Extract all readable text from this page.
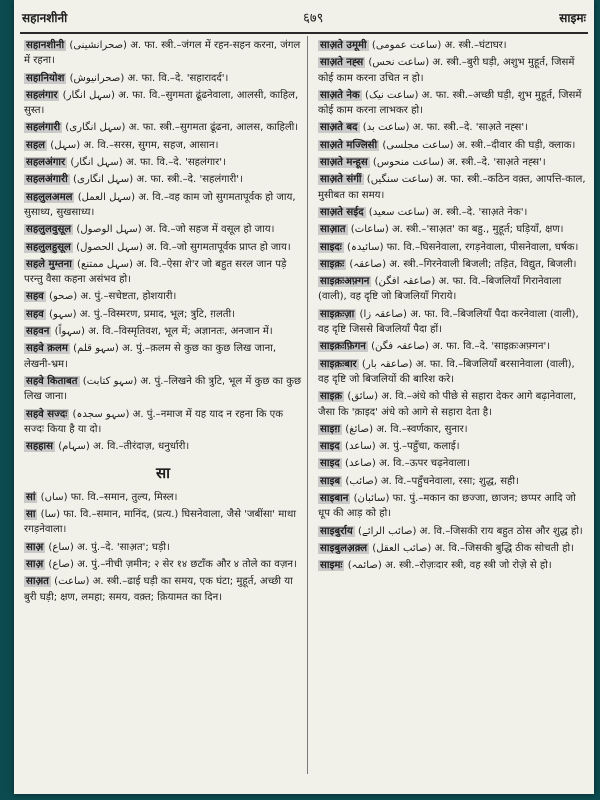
सहानशीनी	६७९	साइमः
सहानशीनी (صحرانشینی) अ. फा. स्त्री.–जंगल में रहन-सहन करना, जंगल में रहना।
सहानियोश (صحرانیوش) अ. फा. वि.–दे. 'सहारादर्द'।
सहलंगार (سہل انگار) अ. फा. वि.–सुगमता ढूंढनेवाला, आलसी, काहिल, सुस्त।
सहलंगारी (سہل انگاری) अ. फा. स्त्री.–सुगमता ढूंढना, आलस, काहिली।
सहल (سہل) अ. वि.–सरस, सुगम, सहज, आसान।
सहलअंगार (سہل انگار) अ. फा. वि.–दे. 'सहलंगार'।
सहलअंगारी (سہل انگاری) अ. फा. स्त्री.–दे. 'सहलंगारी'।
सहलुलअमल (سہل العمل) अ. वि.–वह काम जो सुगमतापूर्वक हो जाय, सुसाध्य, सुखसाध्य।
सहलुलवुसूल (سہل الوصول) अ. वि.–जो सहज में वसूल हो जाय।
सहलुलहुसूल (سہل الحصول) अ. वि.–जो सुगमतापूर्वक प्राप्त हो जाय।
सहले मुम्तना (سہل ممتنع) अ. वि.–ऐसा शे'र जो बहुत सरल जान पड़े परन्तु वैसा कहना असंभव हो।
सहव (صحو) अ. पुं.–सचेष्टता, होशयारी।
सहव (سہو) अ. पुं.–विस्मरण, प्रमाद, भूल; त्रुटि, ग़लती।
सहवन (سہواً) अ. वि.–विस्मृतिवश, भूल में; अज्ञानतः, अनजान में।
सहवे क़लम (سہو قلم) अ. पुं.–क़लम से कुछ का कुछ लिख जाना, लेखनी-भ्रम।
सहवे किताबत (سہو کتابت) अ. पुं.–लिखने की त्रुटि, भूल में कुछ का कुछ लिख जाना।
सहवे सज्दः (سہو سجدہ) अ. पुं.–नमाज में यह याद न रहना कि एक सज्दः किया है या दो।
सहहास (سہام) अ. वि.–तीरंदाज़, धनुर्धारी।
सा
सां (ساں) फा. वि.–समान, तुल्य, मिस्ल।
सा (سا) फा. वि.–समान, मानिंद, (प्रत्य.) घिसनेवाला, जैसे 'जबींसा' माथा रगड़नेवाला।
साअ़ (ساع) अ. पुं.–दे. 'साअ़त'; घड़ी।
साअ़ (صاع) अ. पुं.–नीची ज़मीन; २ सेर १४ छटाँक और ४ तोले का वज़न।
साअ़त (ساعت) अ. स्त्री.–ढाई घड़ी का समय, एक घंटा; मुहूर्त, अच्छी या बुरी घड़ी; क्षण, लमहा; समय, वक़्त; क़ियामत का दिन।
साअ़ते उमूमी (ساعت عمومی) अ. स्त्री.–घंटाघर।
साअ़ते नह्स (ساعت نحس) अ. स्त्री.–बुरी घड़ी, अशुभ मुहूर्त, जिसमें कोई काम करना उचित न हो।
साअ़ते नेक (ساعت نیک) अ. फा. स्त्री.–अच्छी घड़ी, शुभ मुहूर्त, जिसमें कोई काम करना लाभकर हो।
साअ़ते बद (ساعت بد) अ. फा. स्त्री.–दे. 'साअ़ते नह्स'।
साअ़ते मज्लिसी (ساعت مجلسی) अ. स्त्री.–दीवार की घड़ी, क्लाक।
साअ़ते मन्हूस (ساعت منحوس) अ. स्त्री.–दे. 'साअ़ते नह्स'।
साअ़ते संगीं (ساعت سنگیں) अ. फा. स्त्री.–कठिन वक़्त, आपत्ति-काल, मुसीबत का समय।
साअ़ते सईद (ساعت سعید) अ. स्त्री.–दे. 'साअ़ते नेक'।
साआ़त (ساعات) अ. स्त्री.–'साअ़त' का बहु., मुहूर्त; घड़ियाँ, क्षण।
साइदः (سائیدہ) फा. वि.–घिसनेवाला, रगड़नेवाला, पीसनेवाला, घर्षक।
साइक़ः (صاعقہ) अ. स्त्री.–गिरनेवाली बिजली; तड़ित, विद्युत, बिजली।
साइक़ःअफ़्गन (صاعقہ افگن) अ. फा. वि.–बिजलियाँ गिरानेवाला (वाली), वह दृष्टि जो बिजलियाँ गिराये।
साइक़ःज़ा (صاعقہ زا) अ. फा. वि.–बिजलियाँ पैदा करनेवाला (वाली), वह दृष्टि जिससे बिजलियाँ पैदा हों।
साइक़ःफ़िगन (صاعقہ فگن) अ. फा. वि.–दे. 'साइक़ःअफ़्गन'।
साइक़ःबार (صاعقہ بار) अ. फा. वि.–बिजलियाँ बरसानेवाला (वाली), वह दृष्टि जो बिजलियों की बारिश करे।
साइक़ (سائق) अ. वि.–अंधे को पीछे से सहारा देकर आगे बढ़ानेवाला, जैसा कि 'क़ाइद' अंधे को आगे से सहारा देता है।
साइग़ (صائغ) अ. वि.–स्वर्णकार, सुनार।
साइद (ساعد) अ. पुं.–पहुँचा, कलाई।
साइद (صاعد) अ. वि.–ऊपर चढ़नेवाला।
साइब (صائب) अ. वि.–पहुँचनेवाला, रसा; शुद्ध, सही।
साइबान (سائبان) फा. पुं.–मकान का छज्जा, छाजन; छप्पर आदि जो धूप की आड़ को हो।
साइबुर्राय (صائب الرائے) अ. वि.–जिसकी राय बहुत ठोस और शुद्ध हो।
साइबुलअ़क़्ल (صائب العقل) अ. वि.–जिसकी बुद्धि ठीक सोचती हो।
साइमः (صائمہ) अ. स्त्री.–रोज़ःदार स्त्री, वह स्त्री जो रोज़े से हो।
